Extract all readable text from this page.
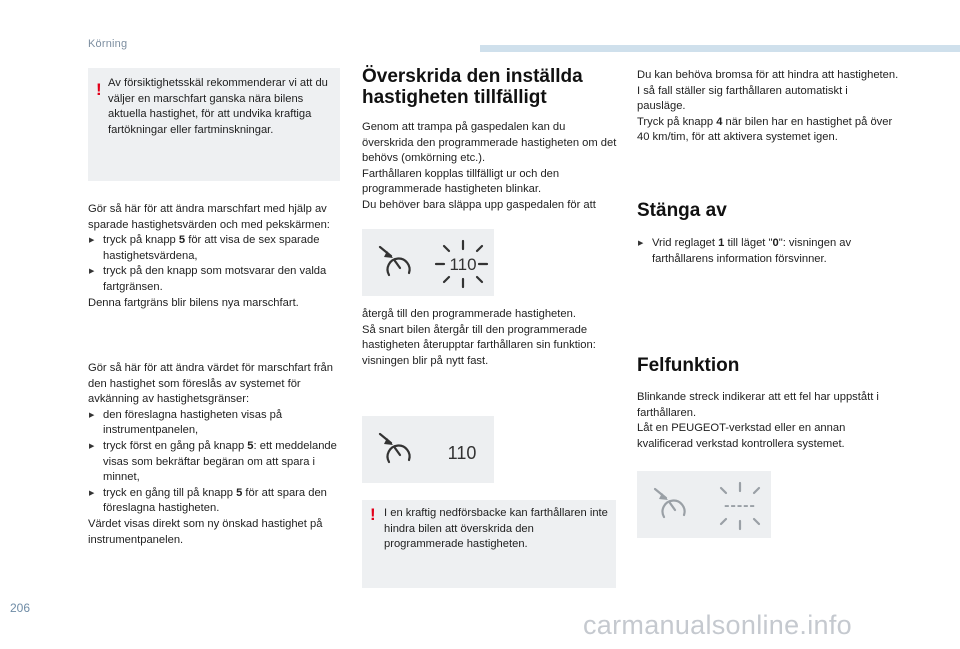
Körning
! Av försiktighetsskäl rekommenderar vi att du väljer en marschfart ganska nära bilens aktuella hastighet, för att undvika kraftiga fartökningar eller fartminskningar.

Gör så här för att ändra marschfart med hjälp av sparade hastighetsvärden och med pekskärmen:

▶ tryck på knapp 5 för att visa de sex sparade hastighetsvärdena,
▶ tryck på den knapp som motsvarar den valda fartgränsen.

Denna fartgräns blir bilens nya marschfart.

Gör så här för att ändra värdet för marschfart från den hastighet som föreslås av systemet för avkänning av hastighetsgränser:

▶ den föreslagna hastigheten visas på instrumentpanelen,
▶ tryck först en gång på knapp 5: ett meddelande visas som bekräftar begäran om att spara i minnet,
▶ tryck en gång till på knapp 5 för att spara den föreslagna hastigheten.

Värdet visas direkt som ny önskad hastighet på instrumentpanelen.

Överskrida den inställda hastigheten tillfälligt

Genom att trampa på gaspedalen kan du överskrida den programmerade hastigheten om det behövs (omkörning etc.).

Farthållaren kopplas tillfälligt ur och den programmerade hastigheten blinkar.

Du behöver bara släppa upp gaspedalen för att

110

återgå till den programmerade hastigheten.

Så snart bilen återgår till den programmerade hastigheten återupptar farthållaren sin funktion: visningen blir på nytt fast.

110
! I en kraftig nedförsbacke kan farthållaren inte hindra bilen att överskrida den programmerade hastigheten.

Du kan behöva bromsa för att hindra att hastigheten. I så fall ställer sig farthållaren automatiskt i pausläge.

Tryck på knapp 4 när bilen har en hastighet på över 40 km/tim, för att aktivera systemet igen.

Stänga av
▶ Vrid reglaget 1 till läget "0": visningen av farthållarens information försvinner.
Felfunktion

Blinkande streck indikerar att ett fel har uppstått i farthållaren.

Låt en PEUGEOT-verkstad eller en annan kvalificerad verkstad kontrollera systemet.

-----
206
carmanualsonline.info
